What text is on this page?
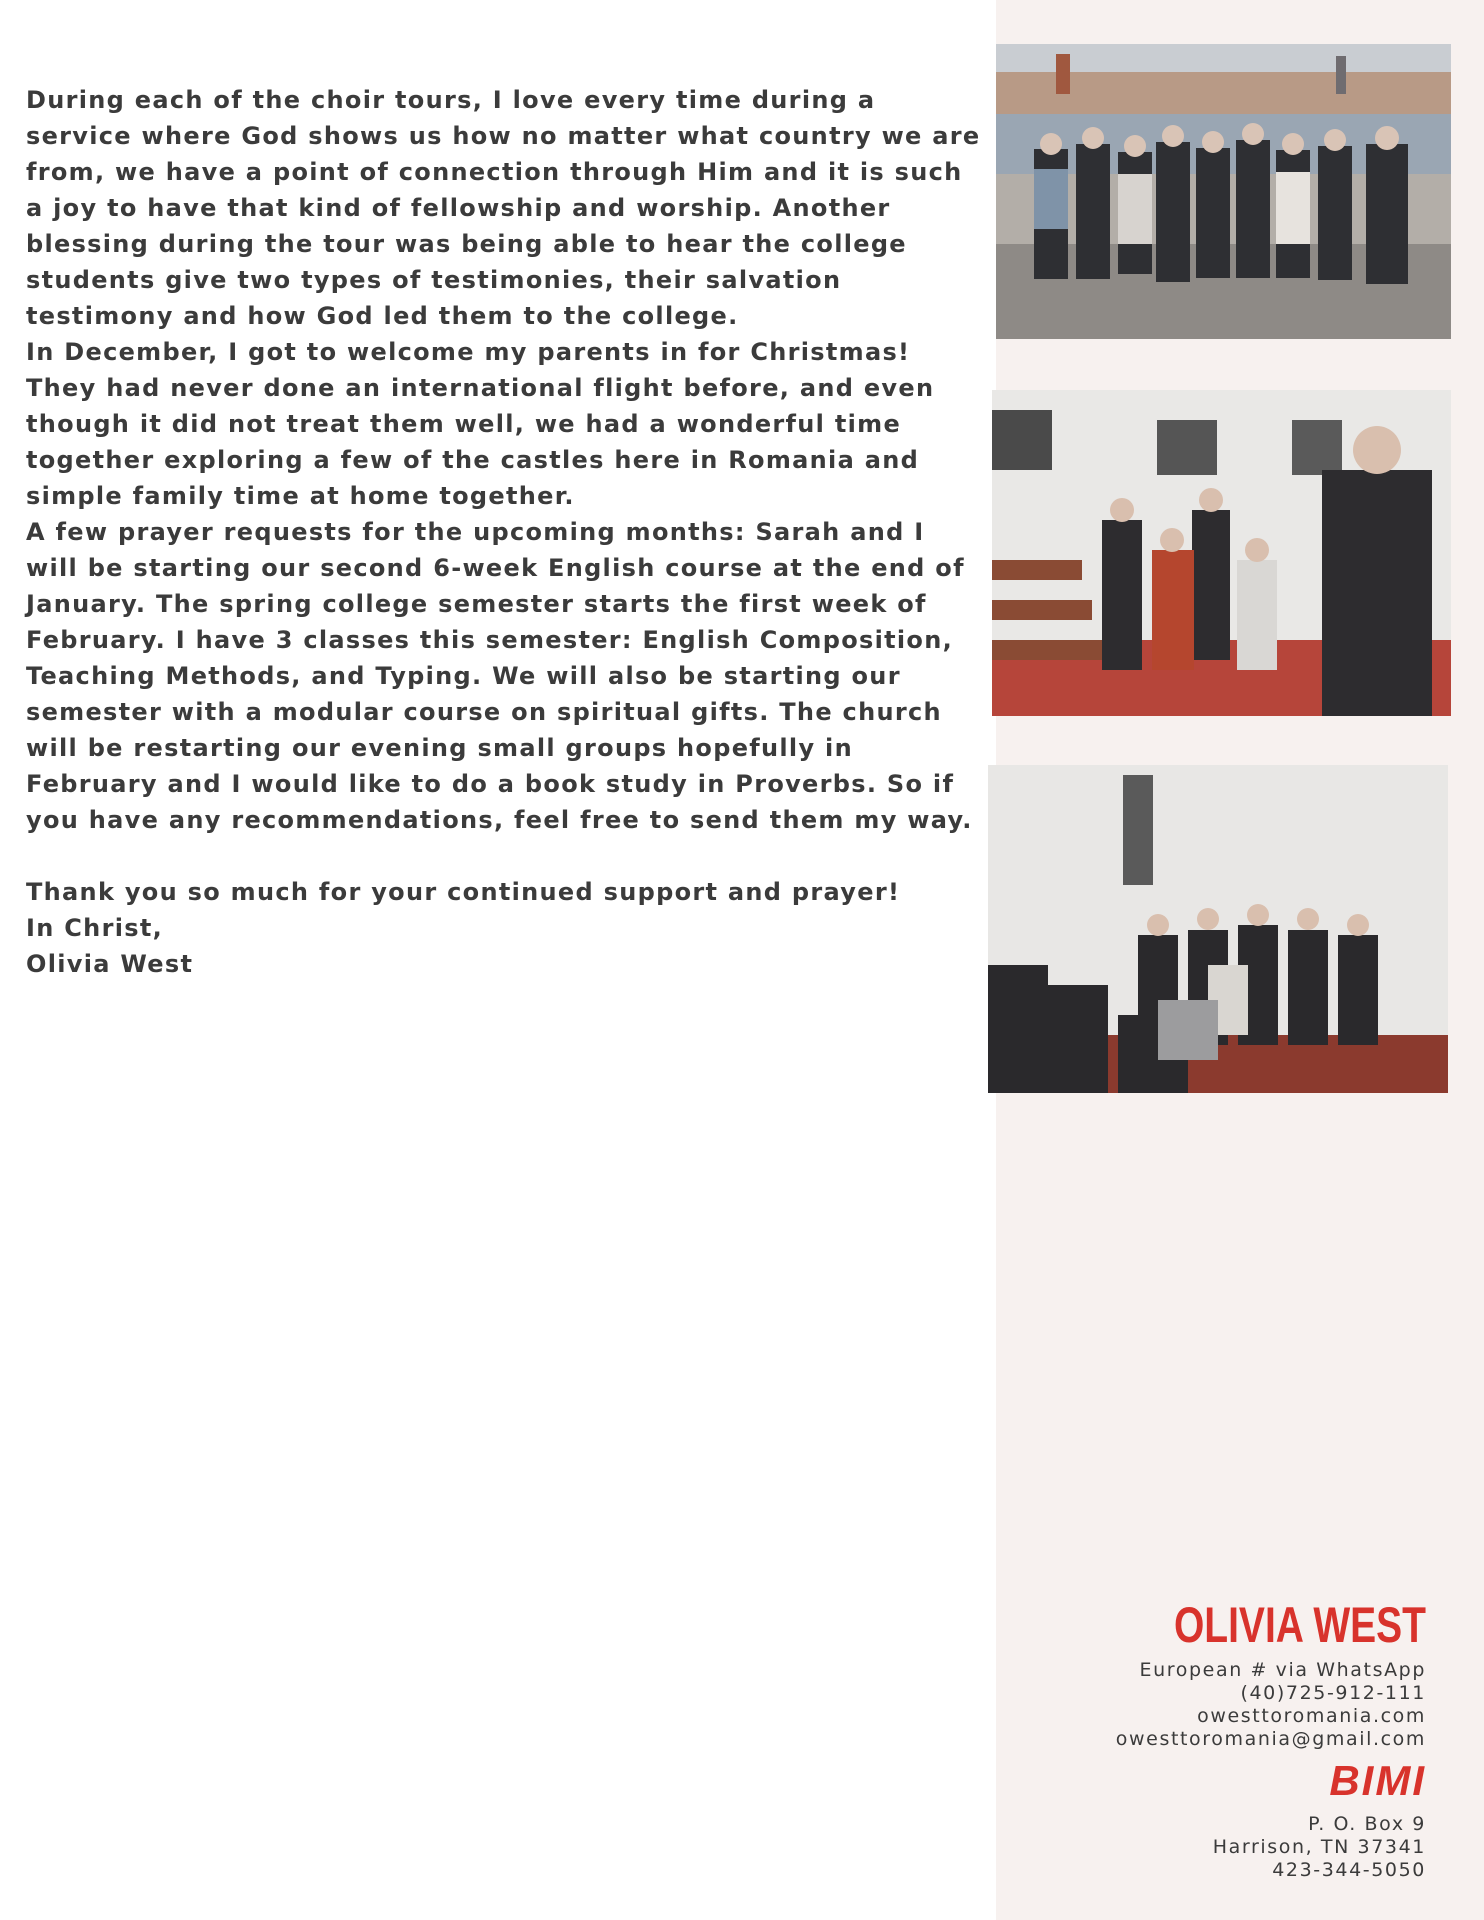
During each of the choir tours, I love every time during a service where God shows us how no matter what country we are from, we have a point of connection through Him and it is such a joy to have that kind of fellowship and worship. Another blessing during the tour was being able to hear the college students give two types of testimonies, their salvation testimony and how God led them to the college.

In December, I got to welcome my parents in for Christmas! They had never done an international flight before, and even though it did not treat them well, we had a wonderful time together exploring a few of the castles here in Romania and simple family time at home together.

A few prayer requests for the upcoming months: Sarah and I will be starting our second 6-week English course at the end of January. The spring college semester starts the first week of February. I have 3 classes this semester: English Composition, Teaching Methods, and Typing. We will also be starting our semester with a modular course on spiritual gifts. The church will be restarting our evening small groups hopefully in February and I would like to do a book study in Proverbs. So if you have any recommendations, feel free to send them my way.

Thank you so much for your continued support and prayer!

In Christ,

Olivia West

OLIVIA WEST
European # via WhatsApp
(40)725-912-111
owesttoromania.com
owesttoromania@gmail.com
BIMI
P. O. Box 9
Harrison, TN 37341
423-344-5050
